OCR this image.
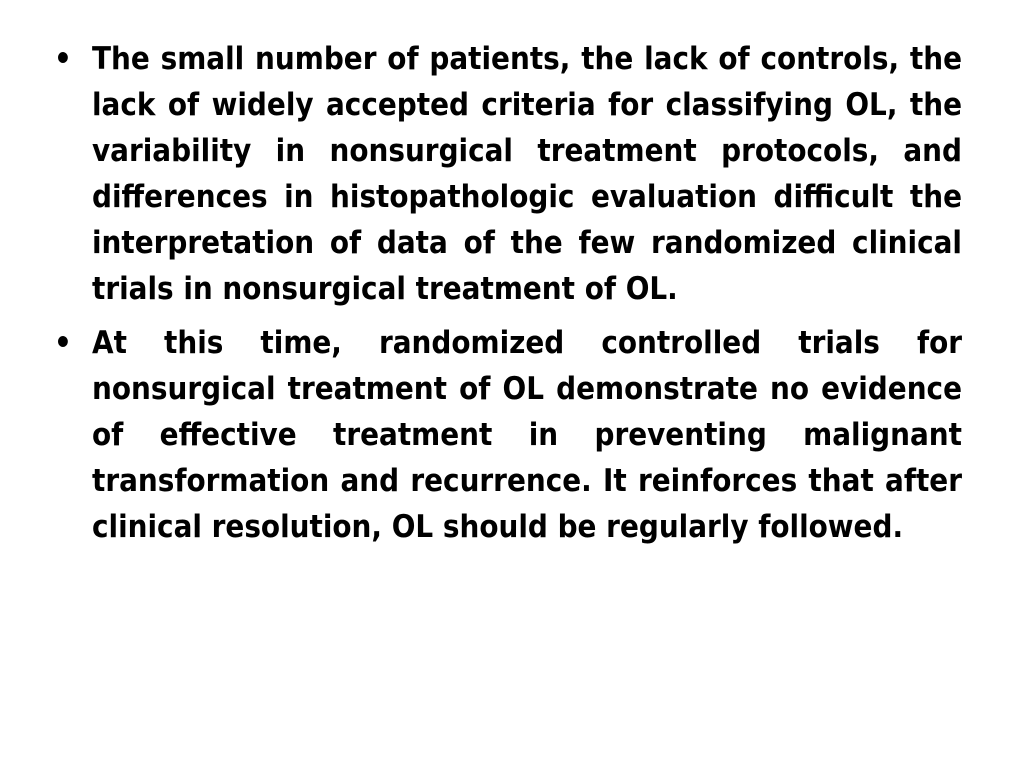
• The small number of patients, the lack of controls, the lack of widely accepted criteria for classifying OL, the variability in nonsurgical treatment protocols, and differences in histopathologic evaluation difficult the interpretation of data of the few randomized clinical trials in nonsurgical treatment of OL.
• At this time, randomized controlled trials for nonsurgical treatment of OL demonstrate no evidence of effective treatment in preventing malignant transformation and recurrence. It reinforces that after clinical resolution, OL should be regularly followed.
